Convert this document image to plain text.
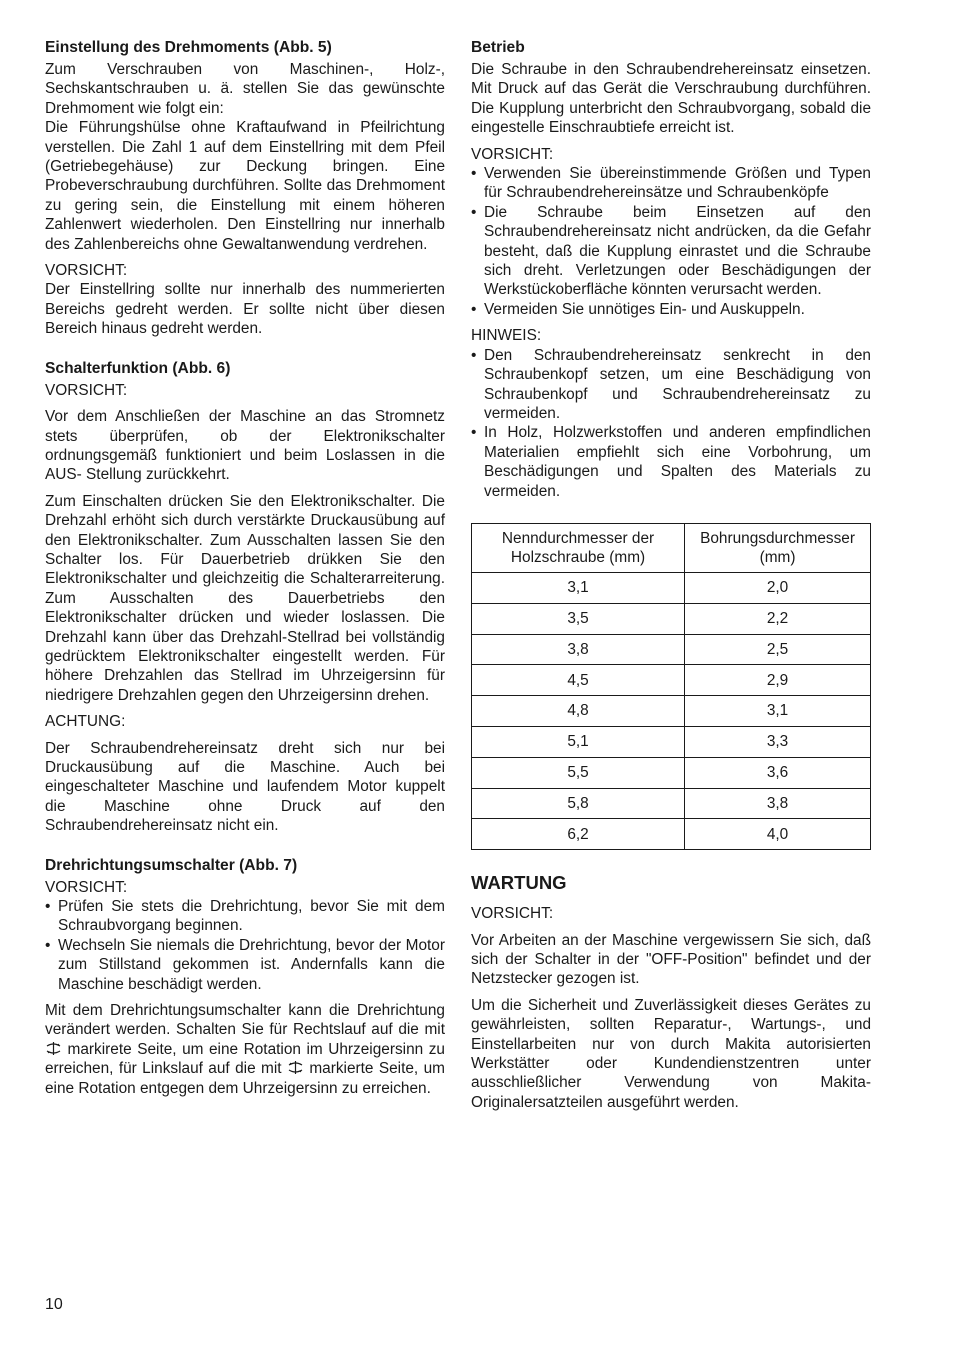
Einstellung des Drehmoments (Abb. 5)

Zum Verschrauben von Maschinen-, Holz-, Sechskantschrauben u. ä. stellen Sie das gewünschte Drehmoment wie folgt ein:

Die Führungshülse ohne Kraftaufwand in Pfeilrichtung verstellen. Die Zahl 1 auf dem Einstellring mit dem Pfeil (Getriebegehäuse) zur Deckung bringen. Eine Probeverschraubung durchführen. Sollte das Drehmoment zu gering sein, die Einstellung mit einem höheren Zahlenwert wiederholen. Den Einstellring nur innerhalb des Zahlenbereichs ohne Gewaltanwendung verdrehen.

VORSICHT:

Der Einstellring sollte nur innerhalb des nummerierten Bereichs gedreht werden. Er sollte nicht über diesen Bereich hinaus gedreht werden.

Schalterfunktion (Abb. 6)

VORSICHT:

Vor dem Anschließen der Maschine an das Stromnetz stets überprüfen, ob der Elektronikschalter ordnungsgemäß funktioniert und beim Loslassen in die AUS- Stellung zurückkehrt.

Zum Einschalten drücken Sie den Elektronikschalter. Die Drehzahl erhöht sich durch verstärkte Druckausübung auf den Elektronikschalter. Zum Ausschalten lassen Sie den Schalter los. Für Dauerbetrieb drükken Sie den Elektronikschalter und gleichzeitig die Schalterarreiterung. Zum Ausschalten des Dauerbetriebs den Elektronikschalter drücken und wieder loslassen. Die Drehzahl kann über das Drehzahl-Stellrad bei vollständig gedrücktem Elektronikschalter eingestellt werden. Für höhere Drehzahlen das Stellrad im Uhrzeigersinn für niedrigere Drehzahlen gegen den Uhrzeigersinn drehen.

ACHTUNG:

Der Schraubendrehereinsatz dreht sich nur bei Druckausübung auf die Maschine. Auch bei eingeschalteter Maschine und laufendem Motor kuppelt die Maschine ohne Druck auf den Schraubendrehereinsatz nicht ein.

Drehrichtungsumschalter (Abb. 7)

VORSICHT:

• Prüfen Sie stets die Drehrichtung, bevor Sie mit dem Schraubvorgang beginnen.
• Wechseln Sie niemals die Drehrichtung, bevor der Motor zum Stillstand gekommen ist. Andernfalls kann die Maschine beschädigt werden.

Mit dem Drehrichtungsumschalter kann die Drehrichtung verändert werden. Schalten Sie für Rechtslauf auf die mit  markirete Seite, um eine Rotation im Uhrzeigersinn zu erreichen, für Linkslauf auf die mit markierte Seite, um eine Rotation entgegen dem Uhrzeigersinn zu erreichen.

Betrieb

Die Schraube in den Schraubendrehereinsatz einsetzen. Mit Druck auf das Gerät die Verschraubung durchführen. Die Kupplung unterbricht den Schraubvorgang, sobald die eingestelle Einschraubtiefe erreicht ist.

VORSICHT:

• Verwenden Sie übereinstimmende Größen und Typen für Schraubendrehereinsätze und Schraubenköpfe
• Die Schraube beim Einsetzen auf den Schraubendrehereinsatz nicht andrücken, da die Gefahr besteht, daß die Kupplung einrastet und die Schraube sich dreht. Verletzungen oder Beschädigungen der Werkstückoberfläche könnten verursacht werden.
• Vermeiden Sie unnötiges Ein- und Auskuppeln.

HINWEIS:

• Den Schraubendrehereinsatz senkrecht in den Schraubenkopf setzen, um eine Beschädigung von Schraubenkopf und Schraubendrehereinsatz zu vermeiden.
• In Holz, Holzwerkstoffen und anderen empfindlichen Materialien empfiehlt sich eine Vorbohrung, um Beschädigungen und Spalten des Materials zu vermeiden.
Nenndurchmesser der Holzschraube (mm)	Bohrungsdurchmesser (mm)
3,1	2,0
3,5	2,2
3,8	2,5
4,5	2,9
4,8	3,1
5,1	3,3
5,5	3,6
5,8	3,8
6,2	4,0
WARTUNG

VORSICHT:

Vor Arbeiten an der Maschine vergewissern Sie sich, daß sich der Schalter in der "OFF-Position" befindet und der Netzstecker gezogen ist.

Um die Sicherheit und Zuverlässigkeit dieses Gerätes zu gewährleisten, sollten Reparatur-, Wartungs-, und Einstellarbeiten nur von durch Makita autorisierten Werkstätter oder Kundendienstzentren unter ausschließlicher Verwendung von Makita-Originalersatzteilen ausgeführt werden.

10
